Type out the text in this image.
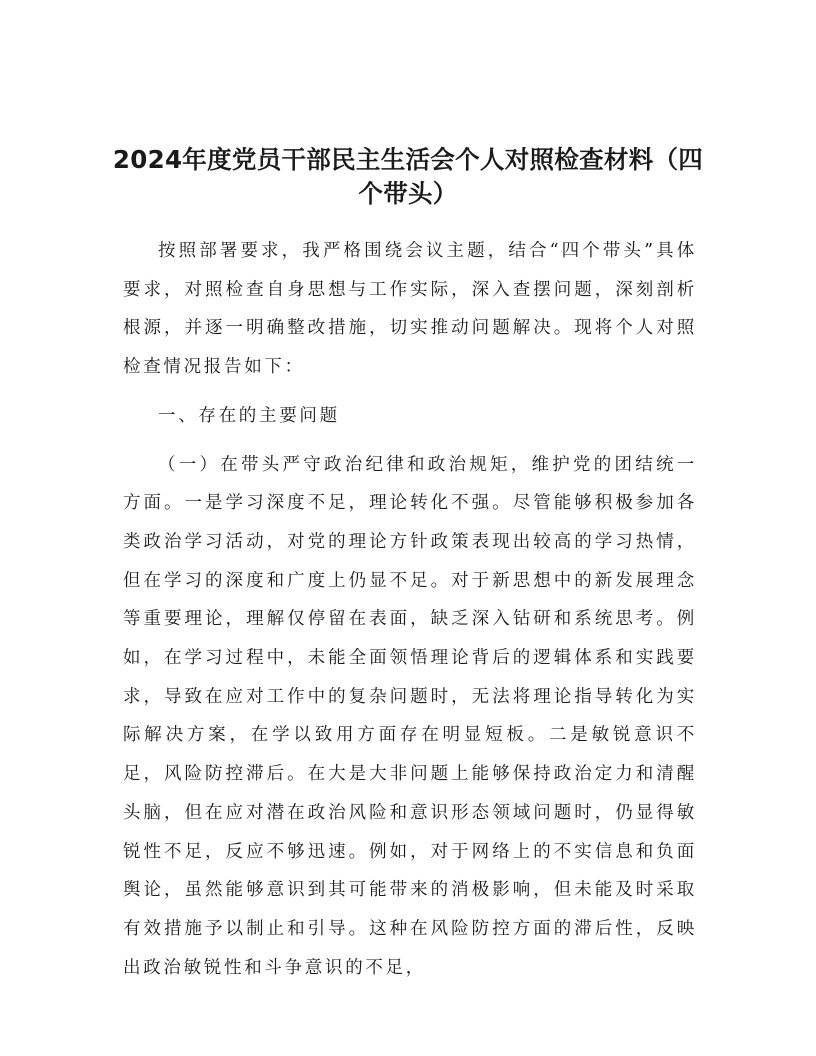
2024年度党员干部民主生活会个人对照检查材料（四个带头）

按照部署要求，我严格围绕会议主题，结合“四个带头”具体要求，对照检查自身思想与工作实际，深入查摆问题，深刻剖析根源，并逐一明确整改措施，切实推动问题解决。现将个人对照检查情况报告如下：

一、存在的主要问题

（一）在带头严守政治纪律和政治规矩，维护党的团结统一方面。一是学习深度不足，理论转化不强。尽管能够积极参加各类政治学习活动，对党的理论方针政策表现出较高的学习热情，但在学习的深度和广度上仍显不足。对于新思想中的新发展理念等重要理论，理解仅停留在表面，缺乏深入钻研和系统思考。例如，在学习过程中，未能全面领悟理论背后的逻辑体系和实践要求，导致在应对工作中的复杂问题时，无法将理论指导转化为实际解决方案，在学以致用方面存在明显短板。二是敏锐意识不足，风险防控滞后。在大是大非问题上能够保持政治定力和清醒头脑，但在应对潜在政治风险和意识形态领域问题时，仍显得敏锐性不足，反应不够迅速。例如，对于网络上的不实信息和负面舆论，虽然能够意识到其可能带来的消极影响，但未能及时采取有效措施予以制止和引导。这种在风险防控方面的滞后性，反映出政治敏锐性和斗争意识的不足，
